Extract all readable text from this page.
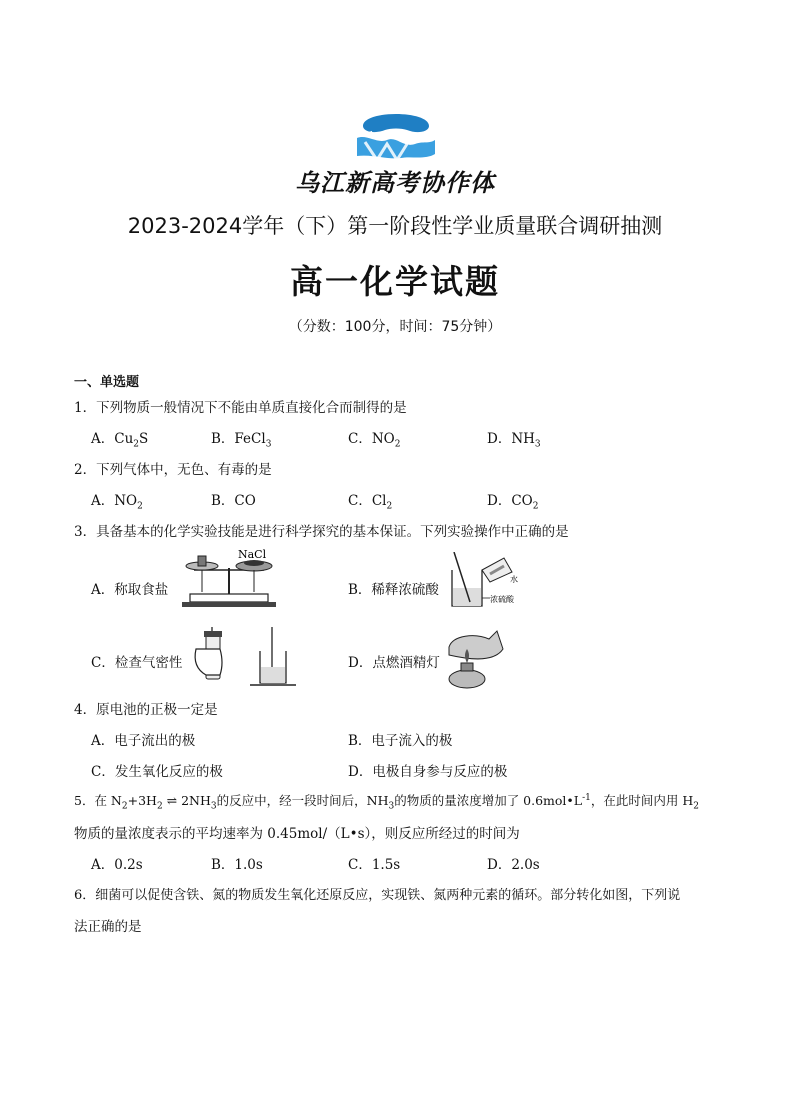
乌江新高考协作体
2023-2024学年（下）第一阶段性学业质量联合调研抽测
高一化学试题
（分数：100分，时间：75分钟）
一、单选题
1．下列物质一般情况下不能由单质直接化合而制得的是
A．$Cu_2S$	B．FeCl$_3$	C．$NO_2$	D．$NH_3$
2．下列气体中，无色、有毒的是
A．$NO_2$	B．CO	C．$Cl_2$	D．$CO_2$
3．具备基本的化学实验技能是进行科学探究的基本保证。下列实验操作中正确的是
A．称取食盐
NaCl
B．稀释浓硫酸
水
浓硫酸
C．检查气密性	D．点燃酒精灯
4．原电池的正极一定是
A．电子流出的极	B．电子流入的极
C．发生氧化反应的极	D．电极自身参与反应的极
5．在 $N_2+3H_2$ ⇌ $2NH_3$的反应中，经一段时间后，$NH_3$的物质的量浓度增加了 $0.6mol•L^{-1}$，在此时间内用 $H_2$
物质的量浓度表示的平均速率为 0.45mol/（L•s），则反应所经过的时间为
A．0.2s	B．1.0s	C．1.5s	D．2.0s
6．细菌可以促使含铁、氮的物质发生氧化还原反应，实现铁、氮两种元素的循环。部分转化如图，下列说
法正确的是
